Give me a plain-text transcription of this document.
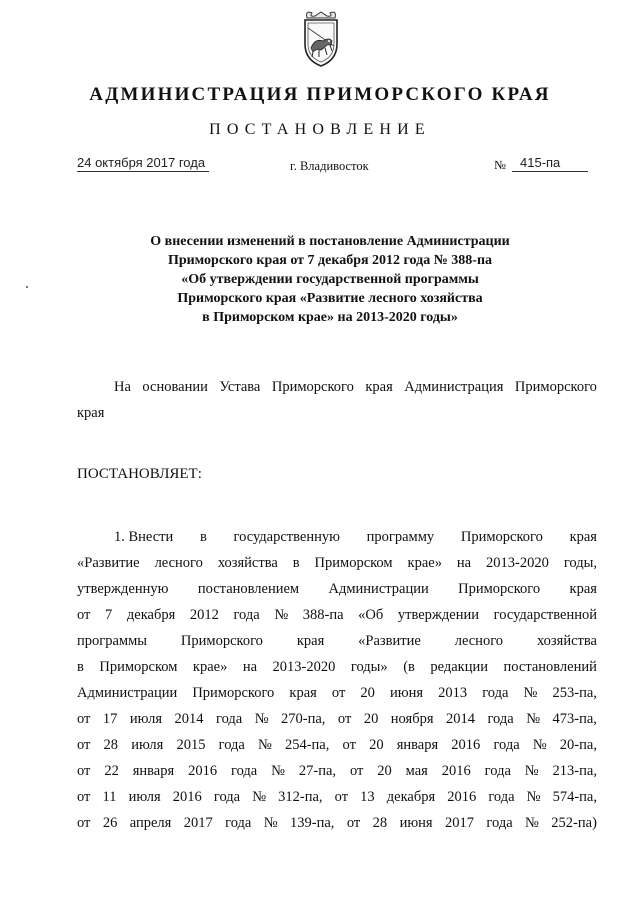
АДМИНИСТРАЦИЯ ПРИМОРСКОГО КРАЯ
ПОСТАНОВЛЕНИЕ
24 октября 2017 года	г. Владивосток	№	415-па
О внесении изменений в постановление Администрации
Приморского края от 7 декабря 2012 года № 388-па
«Об утверждении государственной программы
Приморского края «Развитие лесного хозяйства
в Приморском крае» на 2013-2020 годы»
На основании Устава Приморского края Администрация Приморского
края
ПОСТАНОВЛЯЕТ:
1. Внести в государственную программу Приморского края
«Развитие лесного хозяйства в Приморском крае» на 2013-2020 годы,
утвержденную постановлением Администрации Приморского края
от 7 декабря 2012 года № 388-па «Об утверждении государственной
программы Приморского края «Развитие лесного хозяйства
в Приморском крае» на 2013-2020 годы» (в редакции постановлений
Администрации Приморского края от 20 июня 2013 года № 253-па,
от 17 июля 2014 года № 270-па, от 20 ноября 2014 года № 473-па,
от 28 июля 2015 года № 254-па, от 20 января 2016 года № 20-па,
от 22 января 2016 года № 27-па, от 20 мая 2016 года № 213-па,
от 11 июля 2016 года № 312-па, от 13 декабря 2016 года № 574-па,
от 26 апреля 2017 года № 139-па, от 28 июня 2017 года № 252-па)
